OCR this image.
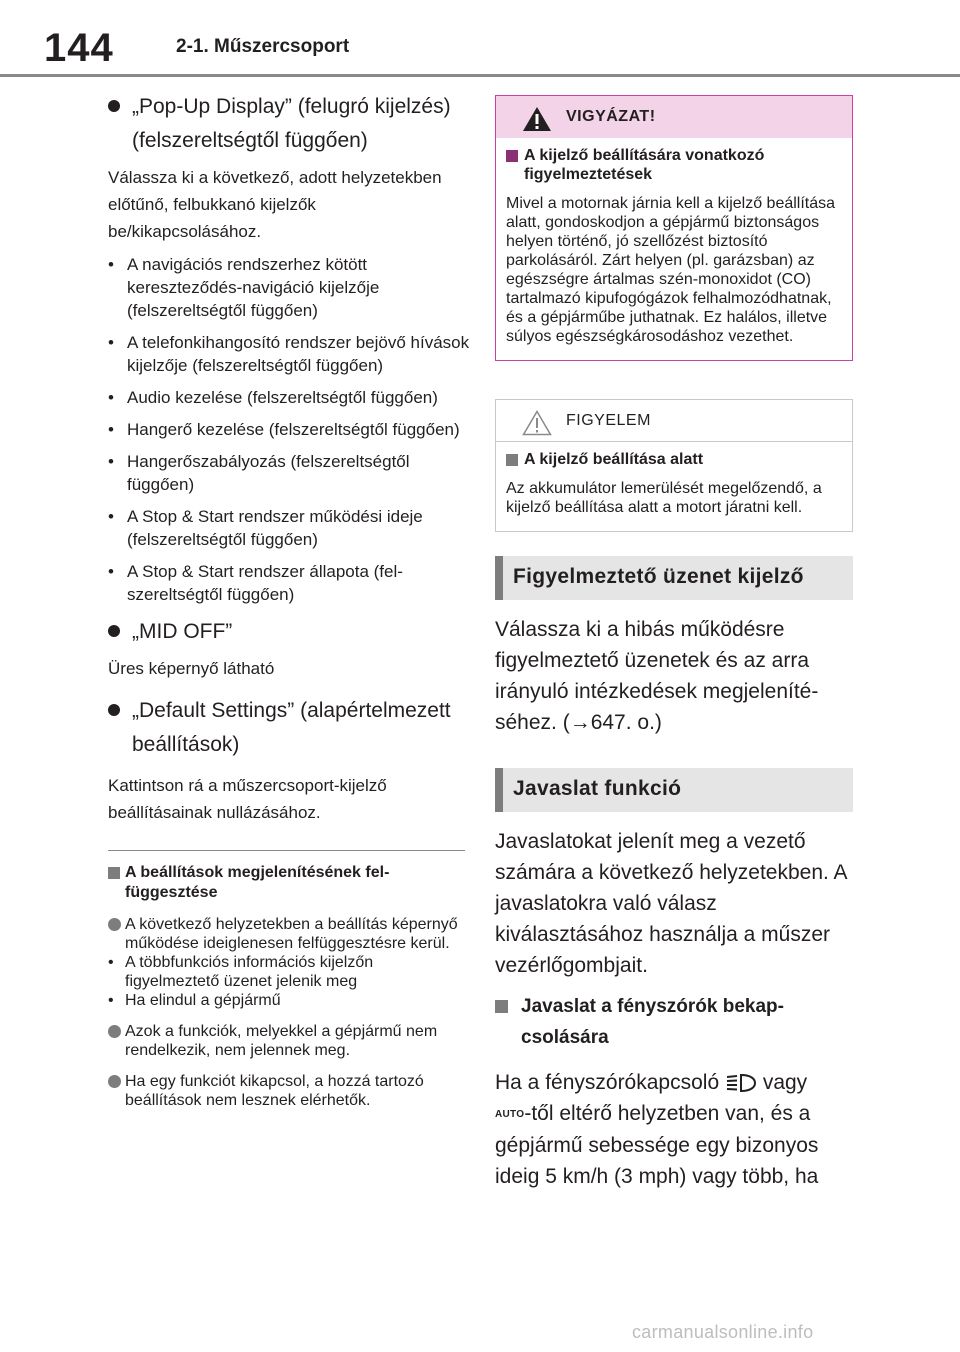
144	2-1. Műszercsoport
„Pop-Up Display” (felugró kijelzés) (felszereltségtől függően)

Válassza ki a következő, adott helyzetekben előtűnő, felbukkanó kijelzők be/kikapcsolásához.

• A navigációs rendszerhez kötött kereszteződés-navigáció kijelzője (felszereltségtől függően)
• A telefonkihangosító rendszer bejövő hívások kijelzője (felszereltségtől függően)
• Audio kezelése (felszereltségtől függően)
• Hangerő kezelése (felszereltségtől függően)
• Hangerőszabályozás (felszereltségtől függően)
• A Stop & Start rendszer működési ideje (felszereltségtől függően)
• A Stop & Start rendszer állapota (felszereltségtől függően)
„MID OFF”

Üres képernyő látható

„Default Settings” (alapértelmezett beállítások)

Kattintson rá a műszercsoport-kijelző beállításainak nullázásához.

A beállítások megjelenítésének felfüggesztése
A következő helyzetekben a beállítás képernyő működése ideiglenesen felfüggesztésre kerül.
• A többfunkciós információs kijelzőn figyelmeztető üzenet jelenik meg
• Ha elindul a gépjármű
Azok a funkciók, melyekkel a gépjármű nem rendelkezik, nem jelennek meg.
Ha egy funkciót kikapcsol, a hozzá tartozó beállítások nem lesznek elérhetők.
VIGYÁZAT!
A kijelző beállítására vonatkozó figyelmeztetések

Mivel a motornak járnia kell a kijelző beállítása alatt, gondoskodjon a gépjármű biztonságos helyen történő, jó szellőzést biztosító parkolásáról. Zárt helyen (pl. garázsban) az egészségre ártalmas szén-monoxidot (CO) tartalmazó kipufogógázok felhalmozódhatnak, és a gépjárműbe juthatnak. Ez halálos, illetve súlyos egészségkárosodáshoz vezethet.

FIGYELEM
A kijelző beállítása alatt

Az akkumulátor lemerülését megelőzendő, a kijelző beállítása alatt a motort járatni kell.

Figyelmeztető üzenet kijelző

Válassza ki a hibás működésre figyelmeztető üzenetek és az arra irányuló intézkedések megjelenítéséhez. (→647. o.)

Javaslat funkció

Javaslatokat jelenít meg a vezető számára a következő helyzetekben. A javaslatokra való válasz kiválasztásához használja a műszer vezérlőgombjait.

Javaslat a fényszórók bekapcsolására

Ha a fényszórókapcsoló vagy
AUTO-től eltérő helyzetben van, és a gépjármű sebessége egy bizonyos ideig 5 km/h (3 mph) vagy több, ha

carmanualsonline.info
